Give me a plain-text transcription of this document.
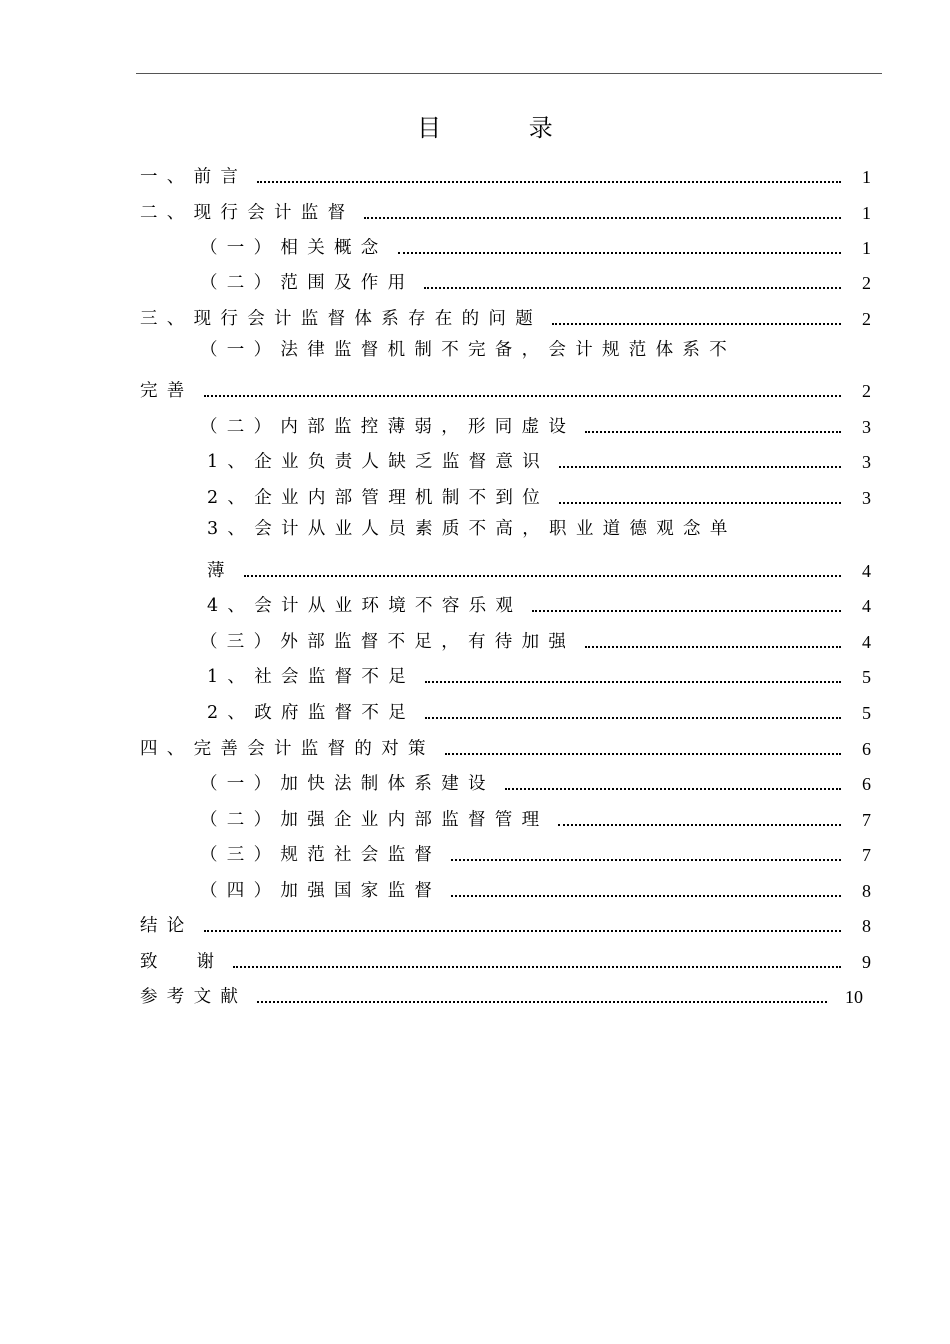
目 录
一、前言	1
二、现行会计监督	1
（一）相关概念	1
（二）范围及作用	2
三、现行会计监督体系存在的问题	2
（一）法律监督机制不完备，会计规范体系不
完善	2
（二）内部监控薄弱，形同虚设	3
1、企业负责人缺乏监督意识	3
2、企业内部管理机制不到位	3
3、会计从业人员素质不高，职业道德观念单
薄	4
4、会计从业环境不容乐观	4
（三）外部监督不足，有待加强	4
1、社会监督不足	5
2、政府监督不足	5
四、完善会计监督的对策	6
（一）加快法制体系建设	6
（二）加强企业内部监督管理	7
（三）规范社会监督	7
（四）加强国家监督	8
结论	8
致  谢	9
参考文献	10
